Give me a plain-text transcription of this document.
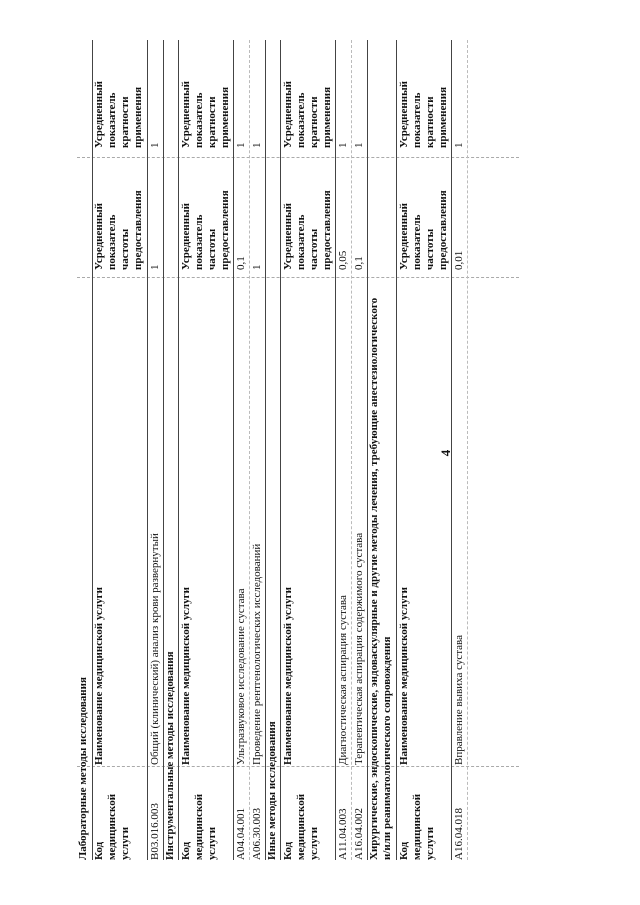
4
Лабораторные методы исследования Код медицинской услуги
Наименование медицинской услуги
Усредненный показатель частоты предоставления
Усредненный показатель кратности применения
B03.016.003
Общий (клинический) анализ крови развернутый
1
1
Инструментальные методы исследования Код медицинской услуги
Наименование медицинской услуги
Усредненный показатель частоты предоставления
Усредненный показатель кратности применения
A04.04.001
Ультразвуковое исследование сустава
0,1
1
A06.30.003
Проведение рентгенологических исследований
1
1
Иные методы исследования Код медицинской услуги
Наименование медицинской услуги
Усредненный показатель частоты предоставления
Усредненный показатель кратности применения
A11.04.003
Диагностическая аспирация сустава
0,05
1
A16.04.002
Терапевтическая аспирация содержимого сустава
0,1
1
Хирургические, эндоскопические, эндоваскулярные и другие методы лечения, требующие анестезиологического и/или реаниматологического сопровождения Код медицинской услуги
Наименование медицинской услуги
Усредненный показатель частоты предоставления
Усредненный показатель кратности применения
A16.04.018
Вправление вывиха сустава
0,01
1
